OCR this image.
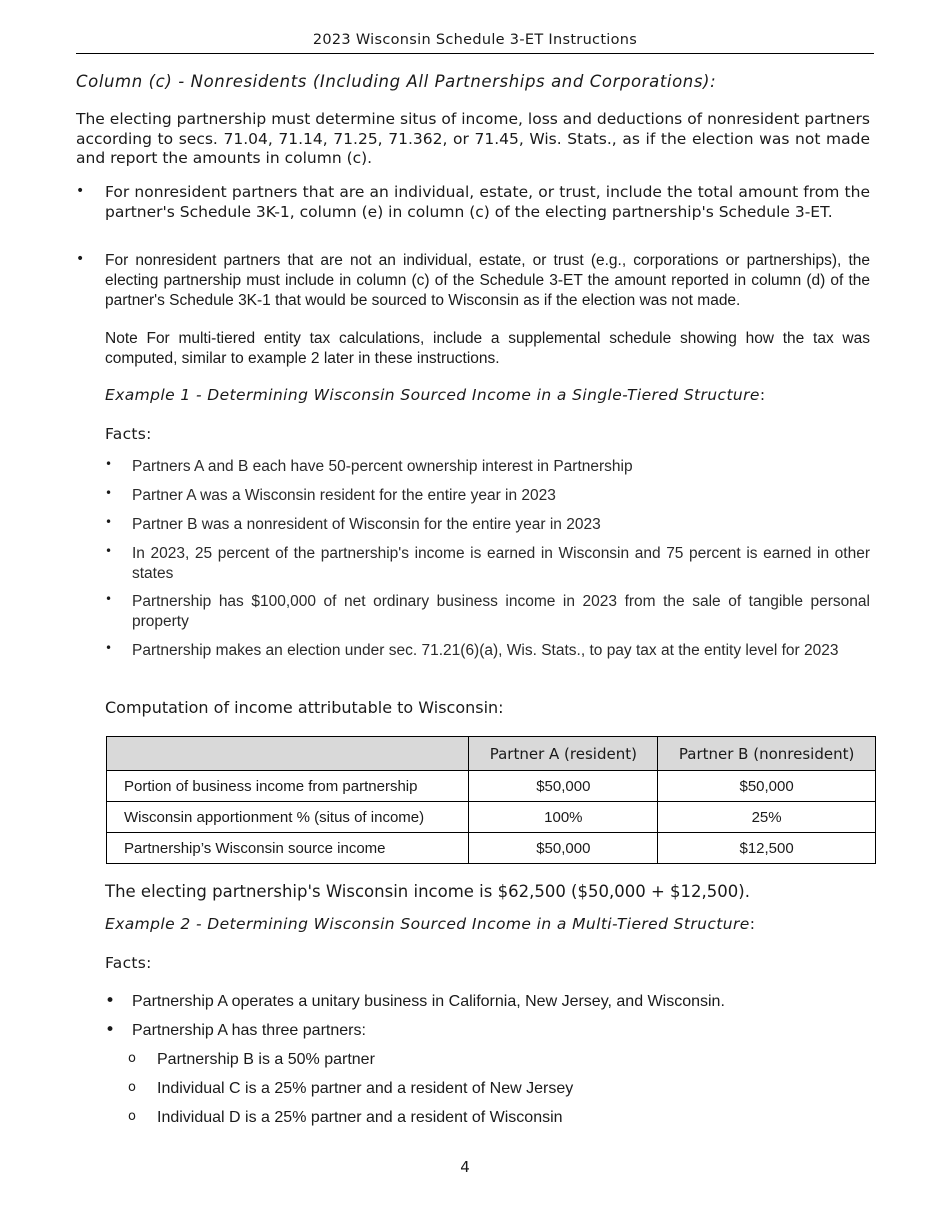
2023 Wisconsin Schedule 3-ET Instructions
Column (c) - Nonresidents (Including All Partnerships and Corporations):
The electing partnership must determine situs of income, loss and deductions of nonresident partners according to secs. 71.04, 71.14, 71.25, 71.362, or 71.45, Wis. Stats., as if the election was not made and report the amounts in column (c).
• For nonresident partners that are an individual, estate, or trust, include the total amount from the partner's Schedule 3K-1, column (e) in column (c) of the electing partnership's Schedule 3-ET.
• For nonresident partners that are not an individual, estate, or trust (e.g., corporations or partnerships), the electing partnership must include in column (c) of the Schedule 3-ET the amount reported in column (d) of the partner's Schedule 3K-1 that would be sourced to Wisconsin as if the election was not made.
Note For multi-tiered entity tax calculations, include a supplemental schedule showing how the tax was computed, similar to example 2 later in these instructions.
Example 1 - Determining Wisconsin Sourced Income in a Single-Tiered Structure:
Facts:
• Partners A and B each have 50-percent ownership interest in Partnership
• Partner A was a Wisconsin resident for the entire year in 2023
• Partner B was a nonresident of Wisconsin for the entire year in 2023
• In 2023, 25 percent of the partnership's income is earned in Wisconsin and 75 percent is earned in other states
• Partnership has $100,000 of net ordinary business income in 2023 from the sale of tangible personal property
• Partnership makes an election under sec. 71.21(6)(a), Wis. Stats., to pay tax at the entity level for 2023
Computation of income attributable to Wisconsin:
	Partner A (resident)	Partner B (nonresident)
Portion of business income from partnership	$50,000	$50,000
Wisconsin apportionment % (situs of income)	100%	25%
Partnership’s Wisconsin source income	$50,000	$12,500
The electing partnership's Wisconsin income is $62,500 ($50,000 + $12,500).
Example 2 - Determining Wisconsin Sourced Income in a Multi-Tiered Structure:
Facts:
• Partnership A operates a unitary business in California, New Jersey, and Wisconsin.
• Partnership A has three partners:
o Partnership B is a 50% partner
o Individual C is a 25% partner and a resident of New Jersey
o Individual D is a 25% partner and a resident of Wisconsin
4
